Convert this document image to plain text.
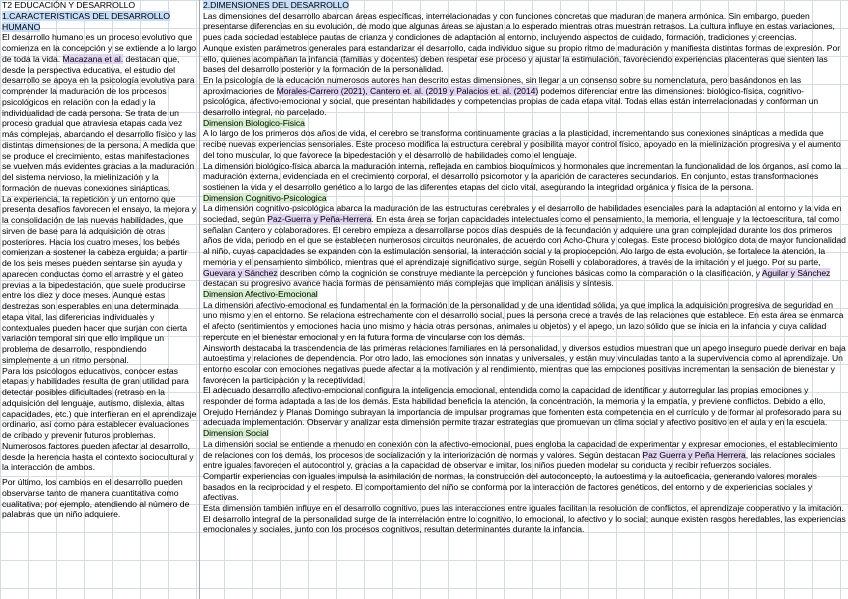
T2 EDUCACIÓN Y DESARROLLO

1.CARACTERISTICAS DEL DESARROLLO HUMANO

El desarrollo humano es un proceso evolutivo que comienza en la concepción y se extiende a lo largo de toda la vida. Macazana et al. destacan que, desde la perspectiva educativa, el estudio del desarrollo se apoya en la psicología evolutiva para comprender la maduración de los procesos psicológicos en relación con la edad y la individualidad de cada persona. Se trata de un proceso gradual que atraviesa etapas cada vez más complejas, abarcando el desarrollo físico y las distintas dimensiones de la persona. A medida que se produce el crecimiento, estas manifestaciones se vuelven más evidentes gracias a la maduración del sistema nervioso, la mielinización y la formación de nuevas conexiones sinápticas.

La experiencia, la repetición y un entorno que presenta desafíos favorecen el ensayo, la mejora y la consolidación de las nuevas habilidades, que sirven de base para la adquisición de otras posteriores. Hacia los cuatro meses, los bebés comienzan a sostener la cabeza erguida; a partir de los seis meses pueden sentarse sin ayuda y aparecen conductas como el arrastre y el gateo previas a la bipedestación, que suele producirse entre los diez y doce meses. Aunque estas destrezas son esperables en una determinada etapa vital, las diferencias individuales y contextuales pueden hacer que surjan con cierta variación temporal sin que ello implique un problema de desarrollo, respondiendo simplemente a un ritmo personal.

Para los psicólogos educativos, conocer estas etapas y habilidades resulta de gran utilidad para detectar posibles dificultades (retraso en la adquisición del lenguaje, autismo, dislexia, altas capacidades, etc.) que interfieran en el aprendizaje ordinario, así como para establecer evaluaciones de cribado y prevenir futuros problemas. Numerosos factores pueden afectar al desarrollo, desde la herencia hasta el contexto sociocultural y la interacción de ambos.

Por último, los cambios en el desarrollo pueden observarse tanto de manera cuantitativa como cualitativa; por ejemplo, atendiendo al número de palabras que un niño adquiere.

2.DIMENSIONES DEL DESARROLLO

Las dimensiones del desarrollo abarcan áreas específicas, interrelacionadas y con funciones concretas que maduran de manera armónica. Sin embargo, pueden presentarse diferencias en su evolución, de modo que algunas áreas se ajustan a lo esperado mientras otras muestran retrasos. La cultura influye en estas variaciones, pues cada sociedad establece pautas de crianza y condiciones de adaptación al entorno, incluyendo aspectos de cuidado, formación, tradiciones y creencias.

Aunque existen parámetros generales para estandarizar el desarrollo, cada individuo sigue su propio ritmo de maduración y manifiesta distintas formas de expresión. Por ello, quienes acompañan la infancia (familias y docentes) deben respetar ese proceso y ajustar la estimulación, favoreciendo experiencias placenteras que sienten las bases del desarrollo posterior y la formación de la personalidad.

En la psicología de la educación numerosos autores han descrito estas dimensiones, sin llegar a un consenso sobre su nomenclatura, pero basándonos en las aproximaciones de Morales-Carrero (2021), Cantero et. al. (2019 y Palacios et. al. (2014) podemos diferenciar entre las dimensiones: biológico-física, cognitivo-psicológica, afectivo-emocional y social, que presentan habilidades y competencias propias de cada etapa vital. Todas ellas están interrelacionadas y conforman un desarrollo integral, no parcelado.

Dimension Biologico-Fisica

A lo largo de los primeros dos años de vida, el cerebro se transforma continuamente gracias a la plasticidad, incrementando sus conexiones sinápticas a medida que recibe nuevas experiencias sensoriales. Este proceso modifica la estructura cerebral y posibilita mayor control físico, apoyado en la mielinización progresiva y el aumento del tono muscular, lo que favorece la bipedestación y el desarrollo de habilidades como el lenguaje.

La dimensión biológico-física abarca la maduración interna, reflejada en cambios bioquímicos y hormonales que incrementan la funcionalidad de los órganos, así como la maduración externa, evidenciada en el crecimiento corporal, el desarrollo psicomotor y la aparición de caracteres secundarios. En conjunto, estas transformaciones sostienen la vida y el desarrollo genético a lo largo de las diferentes etapas del ciclo vital, asegurando la integridad orgánica y física de la persona.

Dimension Cognitivo-Psicologica

La dimensión cognitivo-psicológica abarca la maduración de las estructuras cerebrales y el desarrollo de habilidades esenciales para la adaptación al entorno y la vida en sociedad, según Paz-Guerra y Peña-Herrera. En esta área se forjan capacidades intelectuales como el pensamiento, la memoria, el lenguaje y la lectoescritura, tal como señalan Cantero y colaboradores. El cerebro empieza a desarrollarse pocos días después de la fecundación y adquiere una gran complejidad durante los dos primeros años de vida, periodo en el que se establecen numerosos circuitos neuronales, de acuerdo con Acho-Chura y colegas. Este proceso biológico dota de mayor funcionalidad al niño, cuyas capacidades se expanden con la estimulación sensorial, la interacción social y la propiocepción. Alo largo de esta evolución, se fortalece la atención, la memoria y el pensamiento simbólico, mientras que el aprendizaje significativo surge, según Roselli y colaboradores, a través de la imitación y el juego. Por su parte, Guevara y Sánchez describen cómo la cognición se construye mediante la percepción y funciones básicas como la comparación o la clasificación, y Aguilar y Sánchez destacan su progresivo avance hacia formas de pensamiento más complejas que implican análisis y síntesis.

Dimension Afectivo-Emocional

La dimensión afectivo-emocional es fundamental en la formación de la personalidad y de una identidad sólida, ya que implica la adquisición progresiva de seguridad en uno mismo y en el entorno. Se relaciona estrechamente con el desarrollo social, pues la persona crece a través de las relaciones que establece. En esta área se enmarca el afecto (sentimientos y emociones hacia uno mismo y hacia otras personas, animales u objetos) y el apego, un lazo sólido que se inicia en la infancia y cuya calidad repercute en el bienestar emocional y en la futura forma de vincularse con los demás.

Ainsworth destacaba la trascendencia de las primeras relaciones familiares en la personalidad, y diversos estudios muestran que un apego inseguro puede derivar en baja autoestima y relaciones de dependencia. Por otro lado, las emociones son innatas y universales, y están muy vinculadas tanto a la supervivencia como al aprendizaje. Un entorno escolar con emociones negativas puede afectar a la motivación y al rendimiento, mientras que las emociones positivas incrementan la sensación de bienestar y favorecen la participación y la receptividad.

El adecuado desarrollo afectivo-emocional configura la inteligencia emocional, entendida como la capacidad de identificar y autorregular las propias emociones y responder de forma adaptada a las de los demás. Esta habilidad beneficia la atención, la concentración, la memoria y la empatía, y previene conflictos. Debido a ello, Orejudo Hernández y Planas Domingo subrayan la importancia de impulsar programas que fomenten esta competencia en el currículo y de formar al profesorado para su adecuada implementación. Observar y analizar esta dimensión permite trazar estrategias que promuevan un clima social y afectivo positivo en el aula y en la escuela.

Dimension Social

La dimensión social se entiende a menudo en conexión con la afectivo-emocional, pues engloba la capacidad de experimentar y expresar emociones, el establecimiento de relaciones con los demás, los procesos de socialización y la interiorización de normas y valores. Según destacan Paz Guerra y Peña Herrera, las relaciones sociales entre iguales favorecen el autocontrol y, gracias a la capacidad de observar e imitar, los niños pueden modelar su conducta y recibir refuerzos sociales.

Compartir experiencias con iguales impulsa la asimilación de normas, la construcción del autoconcepto, la autoestima y la autoeficacia, generando valores morales basados en la reciprocidad y el respeto. El comportamiento del niño se conforma por la interacción de factores genéticos, del entorno y de experiencias sociales y afectivas.

Esta dimensión también influye en el desarrollo cognitivo, pues las interacciones entre iguales facilitan la resolución de conflictos, el aprendizaje cooperativo y la imitación. El desarrollo integral de la personalidad surge de la interrelación entre lo cognitivo, lo emocional, lo afectivo y lo social; aunque existen rasgos heredables, las experiencias emocionales y sociales, junto con los procesos cognitivos, resultan determinantes durante la infancia.
